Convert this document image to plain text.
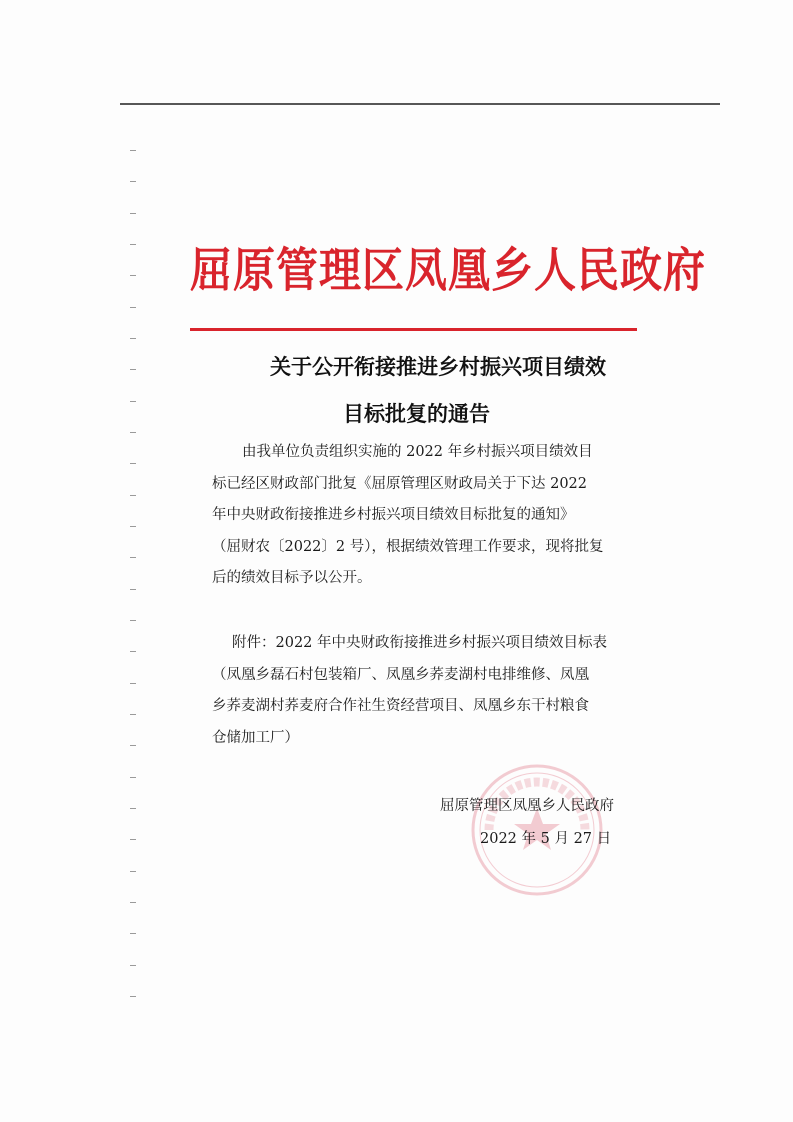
屈原管理区凤凰乡人民政府
关于公开衔接推进乡村振兴项目绩效
目标批复的通告
由我单位负责组织实施的 2022 年乡村振兴项目绩效目
标已经区财政部门批复《屈原管理区财政局关于下达 2022
年中央财政衔接推进乡村振兴项目绩效目标批复的通知》
（屈财农〔2022〕2 号），根据绩效管理工作要求，现将批复
后的绩效目标予以公开。
附件：2022 年中央财政衔接推进乡村振兴项目绩效目标表
（凤凰乡磊石村包装箱厂、凤凰乡荞麦湖村电排维修、凤凰
乡荞麦湖村荞麦府合作社生资经营项目、凤凰乡东干村粮食
仓储加工厂）
屈原管理区凤凰乡人民政府
2022 年 5 月 27 日
